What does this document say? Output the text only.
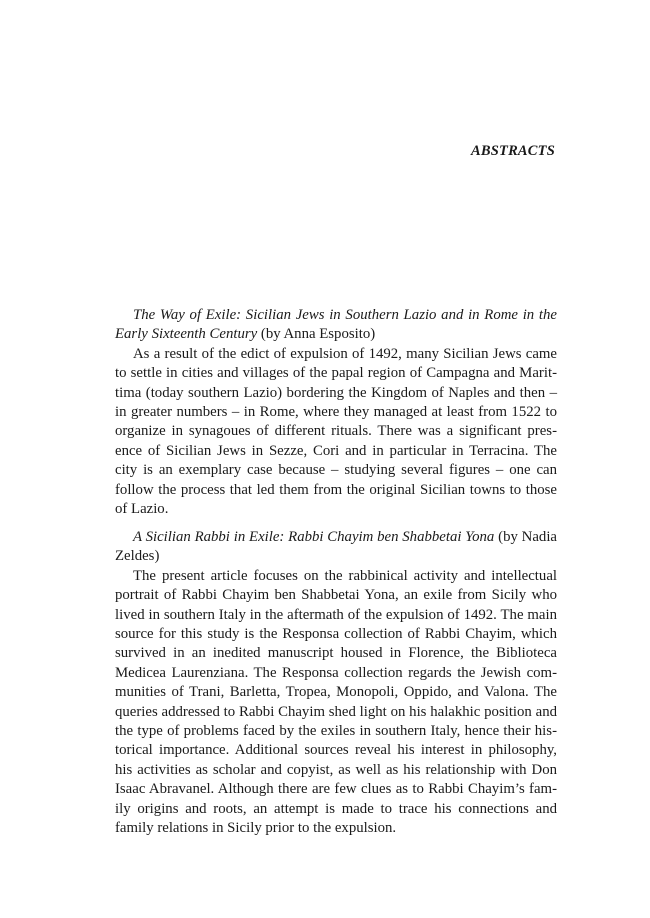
ABSTRACTS

The Way of Exile: Sicilian Jews in Southern Lazio and in Rome in the Early Sixteenth Century (by Anna Esposito)

As a result of the edict of expulsion of 1492, many Sicilian Jews came to settle in cities and villages of the papal region of Campagna and Marittima (today southern Lazio) bordering the Kingdom of Naples and then – in greater numbers – in Rome, where they managed at least from 1522 to organize in synagoues of different rituals. There was a significant presence of Sicilian Jews in Sezze, Cori and in particular in Terracina. The city is an exemplary case because – studying several figures – one can follow the process that led them from the original Sicilian towns to those of Lazio.

A Sicilian Rabbi in Exile: Rabbi Chayim ben Shabbetai Yona (by Nadia Zeldes)

The present article focuses on the rabbinical activity and intellectual portrait of Rabbi Chayim ben Shabbetai Yona, an exile from Sicily who lived in southern Italy in the aftermath of the expulsion of 1492. The main source for this study is the Responsa collection of Rabbi Chayim, which survived in an inedited manuscript housed in Florence, the Biblioteca Medicea Laurenziana. The Responsa collection regards the Jewish communities of Trani, Barletta, Tropea, Monopoli, Oppido, and Valona. The queries addressed to Rabbi Chayim shed light on his halakhic position and the type of problems faced by the exiles in southern Italy, hence their historical importance. Additional sources reveal his interest in philosophy, his activities as scholar and copyist, as well as his relationship with Don Isaac Abravanel. Although there are few clues as to Rabbi Chayim’s family origins and roots, an attempt is made to trace his connections and family relations in Sicily prior to the expulsion.
